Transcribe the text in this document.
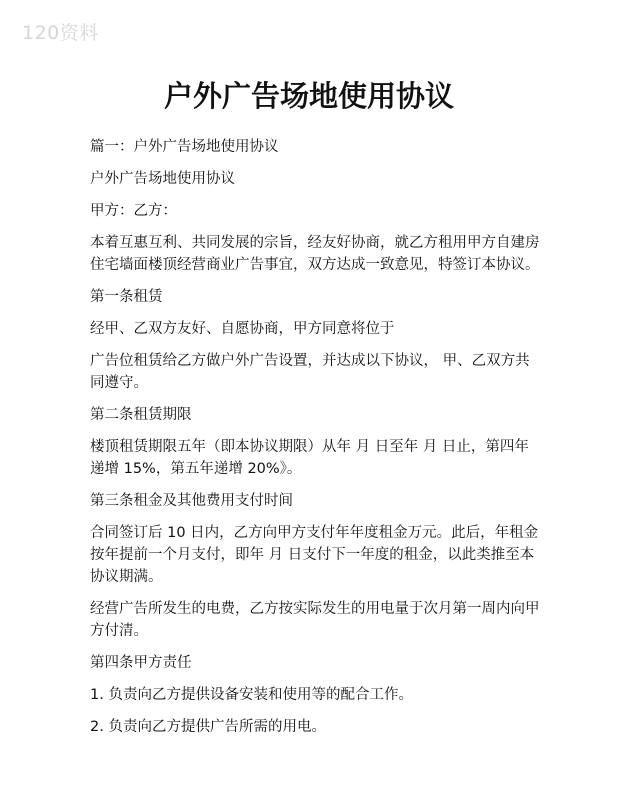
120资料
户外广告场地使用协议

篇一：户外广告场地使用协议

户外广告场地使用协议

甲方：乙方：

本着互惠互利、共同发展的宗旨，经友好协商，就乙方租用甲方自建房住宅墙面楼顶经营商业广告事宜，双方达成一致意见，特签订本协议。

第一条租赁

经甲、乙双方友好、自愿协商，甲方同意将位于

广告位租赁给乙方做户外广告设置，并达成以下协议， 甲、乙双方共同遵守。

第二条租赁期限

楼顶租赁期限五年（即本协议期限）从年 月 日至年 月 日止，第四年递增 15%，第五年递增 20%》。

第三条租金及其他费用支付时间

合同签订后 10 日内，乙方向甲方支付年年度租金万元。此后，年租金按年提前一个月支付，即年 月 日支付下一年度的租金，以此类推至本协议期满。

经营广告所发生的电费，乙方按实际发生的用电量于次月第一周内向甲方付清。

第四条甲方责任

1. 负责向乙方提供设备安装和使用等的配合工作。

2. 负责向乙方提供广告所需的用电。
